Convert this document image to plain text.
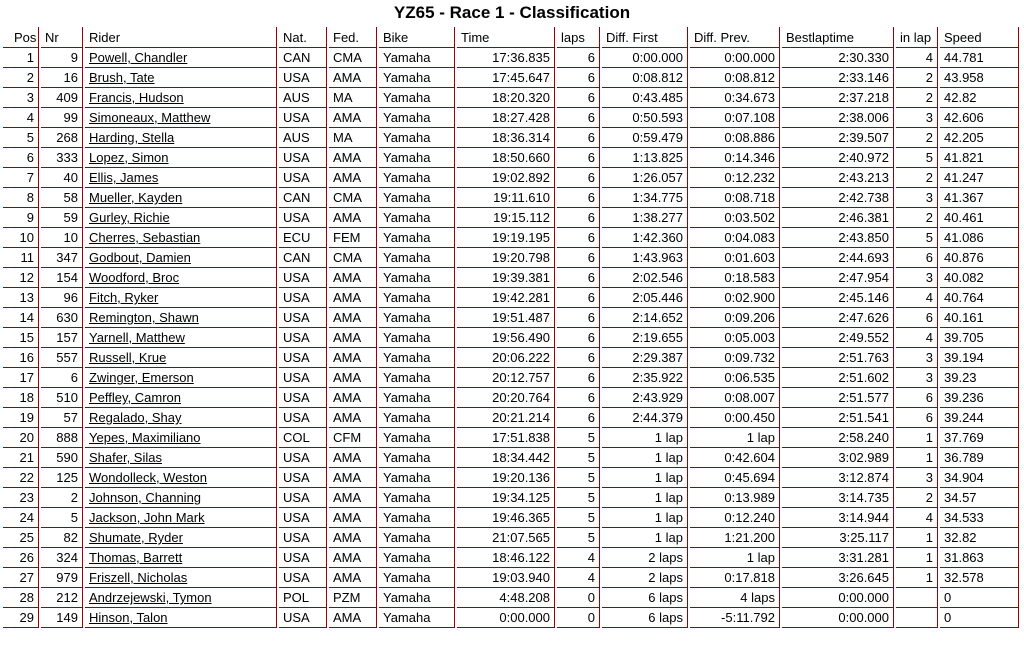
YZ65 - Race 1 - Classification
Pos	Nr	Rider	Nat.	Fed.	Bike	Time	laps	Diff. First	Diff. Prev.	Bestlaptime	in lap	Speed
1	9	Powell, Chandler	CAN	CMA	Yamaha	17:36.835	6	0:00.000	0:00.000	2:30.330	4	44.781
2	16	Brush, Tate	USA	AMA	Yamaha	17:45.647	6	0:08.812	0:08.812	2:33.146	2	43.958
3	409	Francis, Hudson	AUS	MA	Yamaha	18:20.320	6	0:43.485	0:34.673	2:37.218	2	42.82
4	99	Simoneaux, Matthew	USA	AMA	Yamaha	18:27.428	6	0:50.593	0:07.108	2:38.006	3	42.606
5	268	Harding, Stella	AUS	MA	Yamaha	18:36.314	6	0:59.479	0:08.886	2:39.507	2	42.205
6	333	Lopez, Simon	USA	AMA	Yamaha	18:50.660	6	1:13.825	0:14.346	2:40.972	5	41.821
7	40	Ellis, James	USA	AMA	Yamaha	19:02.892	6	1:26.057	0:12.232	2:43.213	2	41.247
8	58	Mueller, Kayden	CAN	CMA	Yamaha	19:11.610	6	1:34.775	0:08.718	2:42.738	3	41.367
9	59	Gurley, Richie	USA	AMA	Yamaha	19:15.112	6	1:38.277	0:03.502	2:46.381	2	40.461
10	10	Cherres, Sebastian	ECU	FEM	Yamaha	19:19.195	6	1:42.360	0:04.083	2:43.850	5	41.086
11	347	Godbout, Damien	CAN	CMA	Yamaha	19:20.798	6	1:43.963	0:01.603	2:44.693	6	40.876
12	154	Woodford, Broc	USA	AMA	Yamaha	19:39.381	6	2:02.546	0:18.583	2:47.954	3	40.082
13	96	Fitch, Ryker	USA	AMA	Yamaha	19:42.281	6	2:05.446	0:02.900	2:45.146	4	40.764
14	630	Remington, Shawn	USA	AMA	Yamaha	19:51.487	6	2:14.652	0:09.206	2:47.626	6	40.161
15	157	Yarnell, Matthew	USA	AMA	Yamaha	19:56.490	6	2:19.655	0:05.003	2:49.552	4	39.705
16	557	Russell, Krue	USA	AMA	Yamaha	20:06.222	6	2:29.387	0:09.732	2:51.763	3	39.194
17	6	Zwinger, Emerson	USA	AMA	Yamaha	20:12.757	6	2:35.922	0:06.535	2:51.602	3	39.23
18	510	Peffley, Camron	USA	AMA	Yamaha	20:20.764	6	2:43.929	0:08.007	2:51.577	6	39.236
19	57	Regalado, Shay	USA	AMA	Yamaha	20:21.214	6	2:44.379	0:00.450	2:51.541	6	39.244
20	888	Yepes, Maximiliano	COL	CFM	Yamaha	17:51.838	5	1 lap	1 lap	2:58.240	1	37.769
21	590	Shafer, Silas	USA	AMA	Yamaha	18:34.442	5	1 lap	0:42.604	3:02.989	1	36.789
22	125	Wondolleck, Weston	USA	AMA	Yamaha	19:20.136	5	1 lap	0:45.694	3:12.874	3	34.904
23	2	Johnson, Channing	USA	AMA	Yamaha	19:34.125	5	1 lap	0:13.989	3:14.735	2	34.57
24	5	Jackson, John Mark	USA	AMA	Yamaha	19:46.365	5	1 lap	0:12.240	3:14.944	4	34.533
25	82	Shumate, Ryder	USA	AMA	Yamaha	21:07.565	5	1 lap	1:21.200	3:25.117	1	32.82
26	324	Thomas, Barrett	USA	AMA	Yamaha	18:46.122	4	2 laps	1 lap	3:31.281	1	31.863
27	979	Friszell, Nicholas	USA	AMA	Yamaha	19:03.940	4	2 laps	0:17.818	3:26.645	1	32.578
28	212	Andrzejewski, Tymon	POL	PZM	Yamaha	4:48.208	0	6 laps	4 laps	0:00.000		0
29	149	Hinson, Talon	USA	AMA	Yamaha	0:00.000	0	6 laps	-5:11.792	0:00.000		0
